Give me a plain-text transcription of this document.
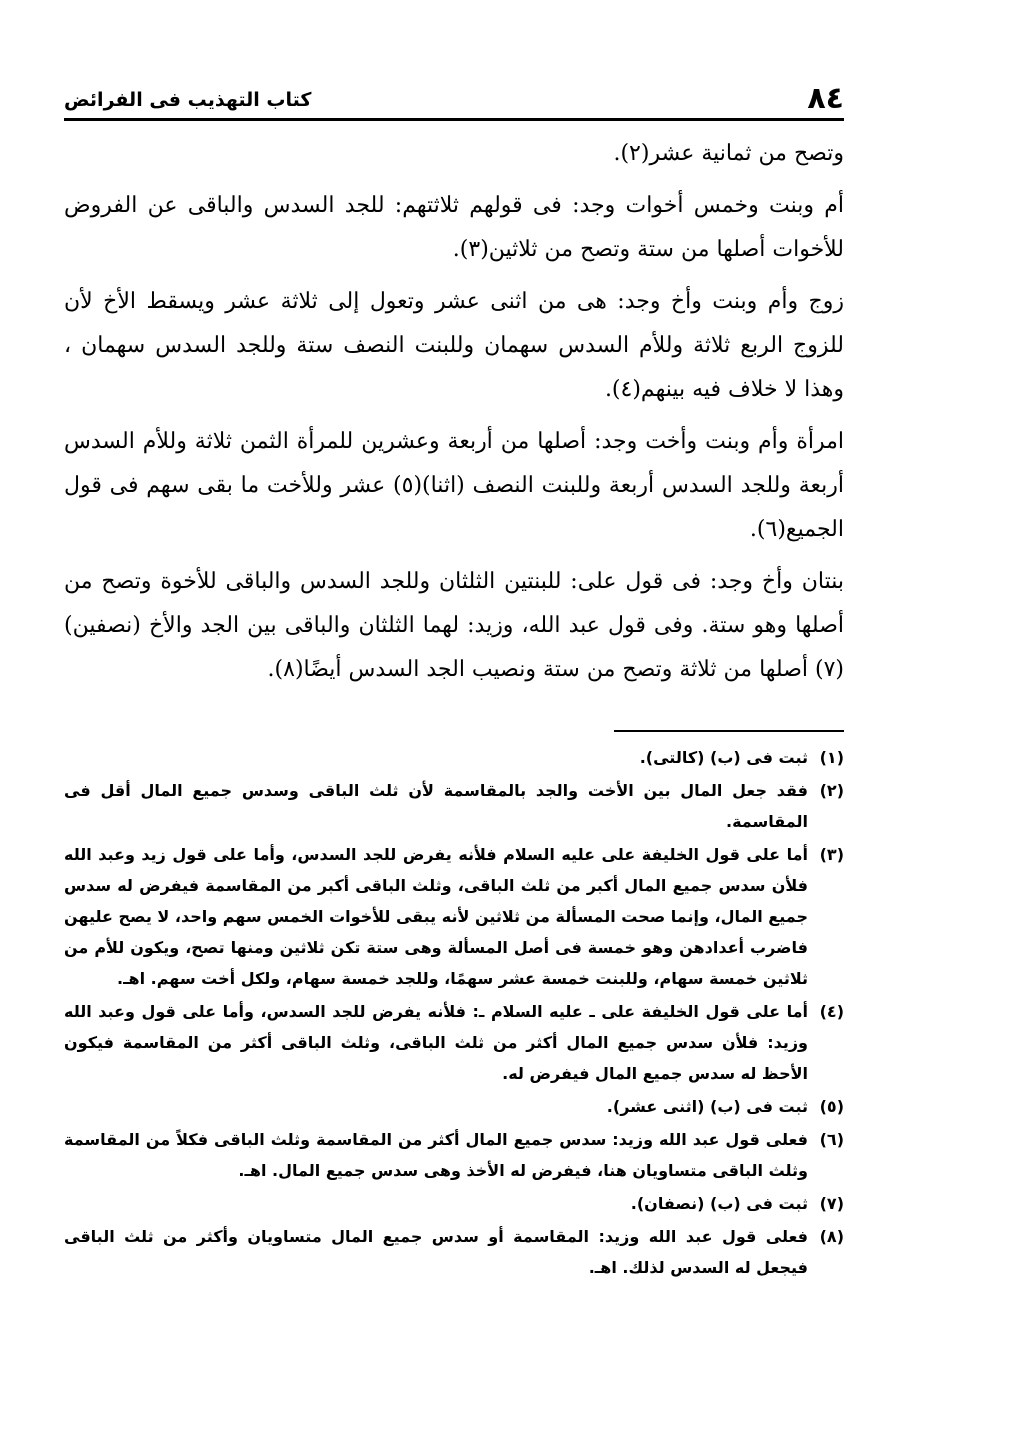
٨٤
كتاب التهذيب فى الفرائض

وتصح من ثمانية عشر(٢).

أم وبنت وخمس أخوات وجد: فى قولهم ثلاثتهم: للجد السدس والباقى عن الفروض للأخوات أصلها من ستة وتصح من ثلاثين(٣).

زوج وأم وبنت وأخ وجد: هى من اثنى عشر وتعول إلى ثلاثة عشر ويسقط الأخ لأن للزوج الربع ثلاثة وللأم السدس سهمان وللبنت النصف ستة وللجد السدس سهمان ، وهذا لا خلاف فيه بينهم(٤).

امرأة وأم وبنت وأخت وجد: أصلها من أربعة وعشرين للمرأة الثمن ثلاثة وللأم السدس أربعة وللجد السدس أربعة وللبنت النصف (اثنا)(٥) عشر وللأخت ما بقى سهم فى قول الجميع(٦).

بنتان وأخ وجد: فى قول على: للبنتين الثلثان وللجد السدس والباقى للأخوة وتصح من أصلها وهو ستة. وفى قول عبد الله، وزيد: لهما الثلثان والباقى بين الجد والأخ (نصفين)(٧) أصلها من ثلاثة وتصح من ستة ونصيب الجد السدس أيضًا(٨).

(١)
ثبت فى (ب) (كالتى).
(٢)
فقد جعل المال بين الأخت والجد بالمقاسمة لأن ثلث الباقى وسدس جميع المال أقل فى المقاسمة.
(٣)
أما على قول الخليفة على عليه السلام فلأنه يفرض للجد السدس، وأما على قول زيد وعبد الله فلأن سدس جميع المال أكبر من ثلث الباقى، وثلث الباقى أكبر من المقاسمة فيفرض له سدس جميع المال، وإنما صحت المسألة من ثلاثين لأنه يبقى للأخوات الخمس سهم واحد، لا يصح عليهن فاضرب أعدادهن وهو خمسة فى أصل المسألة وهى ستة تكن ثلاثين ومنها تصح، ويكون للأم من ثلاثين خمسة سهام، وللبنت خمسة عشر سهمًا، وللجد خمسة سهام، ولكل أخت سهم. اهـ.
(٤)
أما على قول الخليفة على ـ عليه السلام ـ: فلأنه يفرض للجد السدس، وأما على قول وعبد الله وزيد: فلأن سدس جميع المال أكثر من ثلث الباقى، وثلث الباقى أكثر من المقاسمة فيكون الأحظ له سدس جميع المال فيفرض له.
(٥)
ثبت فى (ب) (اثنى عشر).
(٦)
فعلى قول عبد الله وزيد: سدس جميع المال أكثر من المقاسمة وثلث الباقى فكلاً من المقاسمة وثلث الباقى متساويان هنا، فيفرض له الأخذ وهى سدس جميع المال. اهـ.
(٧)
ثبت فى (ب) (نصفان).
(٨)
فعلى قول عبد الله وزيد: المقاسمة أو سدس جميع المال متساويان وأكثر من ثلث الباقى فيجعل له السدس لذلك. اهـ.
